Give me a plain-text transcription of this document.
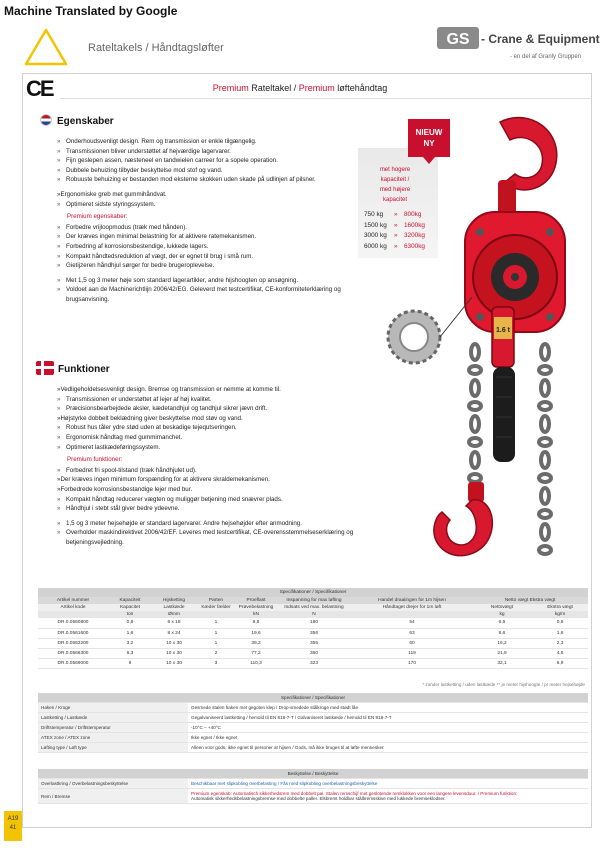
Machine Translated by Google
Rateltakels / Håndtagsløfter	GS - Crane & Equipment
- en del af Granly Gruppen
CE	Premium Rateltakel / Premium løftehåndtag
Egenskaber
» Onderhoudsvenligt design. Rem og transmission er enkle tilgængelig.
» Transmissionen bliver understøttet af hejværdige lagervarer.
» Fijn geslepen assen, næsteneel en tandwielen carreer for a sopele operation.
» Dubbele behuizing tilbyder beskyttelse mod stof og vand.
» Robuuste behuizing er bestanden mod eksterne skokken uden skade på udlinjen af pilsner.
»Ergonomiske greb met gummihåndvat.
» Optimeret sidste styringssystem.
Premium egenskaber:
» Forbedre vrijloopmodus (træk med hånden).
» Der kræves ingen minimal belastning for at aktivere ratemekanismen.
» Forbedring af korrosionsbestendige, lukkede lagers.
» Kompakt håndtedsreduktion af vægt, der er egnet til brug i små rum.
» Gietijzeren håndhjul sørger for bedre brugeroplevelse.
» Met 1,5 og 3 meter høje som standard lagerartikler, andre hijshoogten op ansøgning.
» Voldoet aan de Machinerichtlijn 2006/42/EG. Geleverd met testcertifikat, CE-konformiteterklæring og brugsanvisning.
Funktioner
»Vedligeholdelsesvenligt design. Bremse og transmission er nemme at komme til.
» Transmissionen er understøttet af lejer af høj kvalitet.
» Præcisionsbearbejdede aksler, kædetandhjul og tandhjul sikrer jævn drift.
»Højstyrke dobbelt beklædning giver beskyttelse mod støv og vand.
» Robust hus tåler ydre stød uden at beskadige tejequtseringen.
» Ergonomisk håndtag med gummimanchet.
» Optimeret lastkædeføringssystem.
Premium funktioner:
» Forbedret fri spool-tilstand (træk håndhjulet ud).
»Der kræves ingen minimum forspænding for at aktivere skraldemekanismen.
»Forbedrede korrosionsbestandige lejer med bur.
» Kompakt håndtag reducerer vægten og muliggør betjening med snævrer plads.
» Håndhjul i stebt stål giver bedre ydeevne.
» 1,5 og 3 meter hejsehøjde er standard lagervarer. Andre hejsehøjder efter anmodning.
» Overholder maskindirektivet 2006/42/EF. Leveres med testcertifikat, CE-overensstemmelseserklæring og betjeningsvejledning.
NIEUW
NY
met hogere
kapaciteit /
med højere
kapacitet
750 kg	»	800kg
1500 kg	»	1600kg
3000 kg	»	3200kg
6000 kg	»	6300kg
1.6 t
Specifikationer / Specifikationer								
Artikel nummer	Kapaciteit	Hijsketting	Parten	Proeflast	Inspanning for max løfting	Handel draaiingen for 1m hijsen	Netto vægt Ekstra vægt	
Artikel kode	Kapacitet	Lastkæde	Kæder fælder	Prøvebelastning	Indsats ved max. belastning	Håndtaget drejer for 1m løft	Nettovægt	Ekstra vægt
	ton	Ømm		kN	N		kg	kg/m
DR.0.0560800	0,8	6 x 18	1	9,8	180	54	6,6	0,9
DR.0.0561600	1,6	8 x 24	1	19,6	356	63	8,6	1,6
DR.0.0563200	3,2	10 x 30	1	39,2	356	60	16,2	2,3
DR.0.0566300	6,3	10 x 30	2	77,2	360	119	21,9	4,6
DR.0.0569000	9	10 x 30	3	110,3	323	170	32,1	6,9
* zonder lastketting / uden lastkæde ** je meter hijshoogte / pr meter hejsehøjde
Specifikationer / Specifikationer	
Haken / Kroge	Gesmede stalen haken met gegoten klep / Drop-smedede stålkroge med stødt låe
Lastketting / Lastkæde	Gegalvaniseerd lastketting / hemold til EN 818-7-T / Galvaniseret lastkæde / hemold til EN 818-7-T
Driftstemperatur / Driftstemperatur	-10°C – +40°C
ATEX zone / ATEX zone	Ikke egnet / Ikke egnet
Løfting type / Løft type	Alleen voor gods, ikke egnet til personer at hijsen / Gods, må ikke bruges til at løfte mennesker
Beskyttelse / Beskyttelse	
Overlastkring / Overbelastningsbeskyttelse	Beschikbaar met slipkobling overbelasting / Fås med slipkobling overbelastningsbeskyttelse
Rem / Bremse	Premium egenskab: Automatisch sikkerhedsrem med dobbelt pal. Stalen remschijf met geslotende remklokken voor een langere levensduur. / Premium funktion:
Automatisk sikkerhedsbelastningsbremse med dobbelte paller. Elsbremt holdbar stålbremsskive med lukkede bremseklodser.
A19
41
